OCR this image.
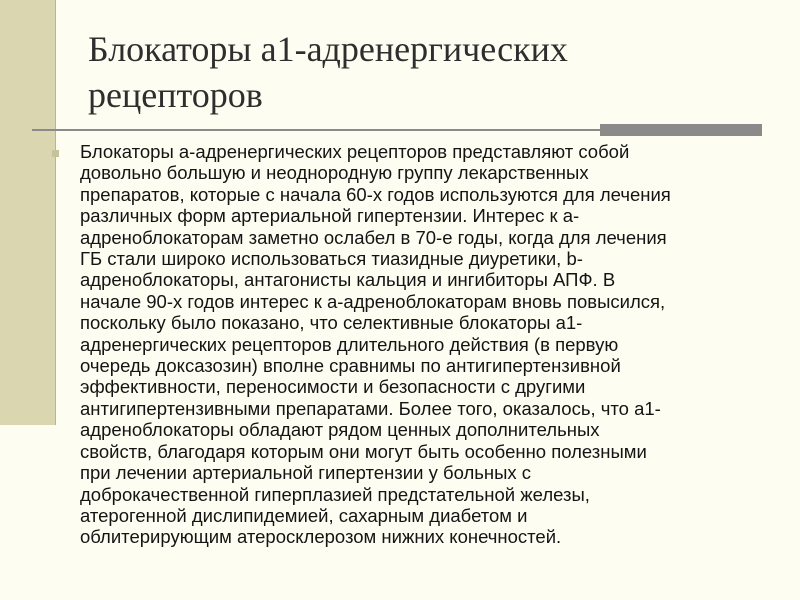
Блокаторы a1-адренергических
рецепторов

Блокаторы a-адренергических рецепторов представляют собой
довольно большую и неоднородную группу лекарственных
препаратов, которые с начала 60-х годов используются для лечения
различных форм артериальной гипертензии. Интерес к a-
адреноблокаторам заметно ослабел в 70-е годы, когда для лечения
ГБ стали широко использоваться тиазидные диуретики, b-
адреноблокаторы, антагонисты кальция и ингибиторы АПФ. В
начале 90-х годов интерес к a-адреноблокаторам вновь повысился,
поскольку было показано, что селективные блокаторы a1-
адренергических рецепторов длительного действия (в первую
очередь доксазозин) вполне сравнимы по антигипертензивной
эффективности, переносимости и безопасности с другими
антигипертензивными препаратами. Более того, оказалось, что a1-
адреноблокаторы обладают рядом ценных дополнительных
свойств, благодаря которым они могут быть особенно полезными
при лечении артериальной гипертензии у больных с
доброкачественной гиперплазией предстательной железы,
атерогенной дислипидемией, сахарным диабетом и
облитерирующим атеросклерозом нижних конечностей.
